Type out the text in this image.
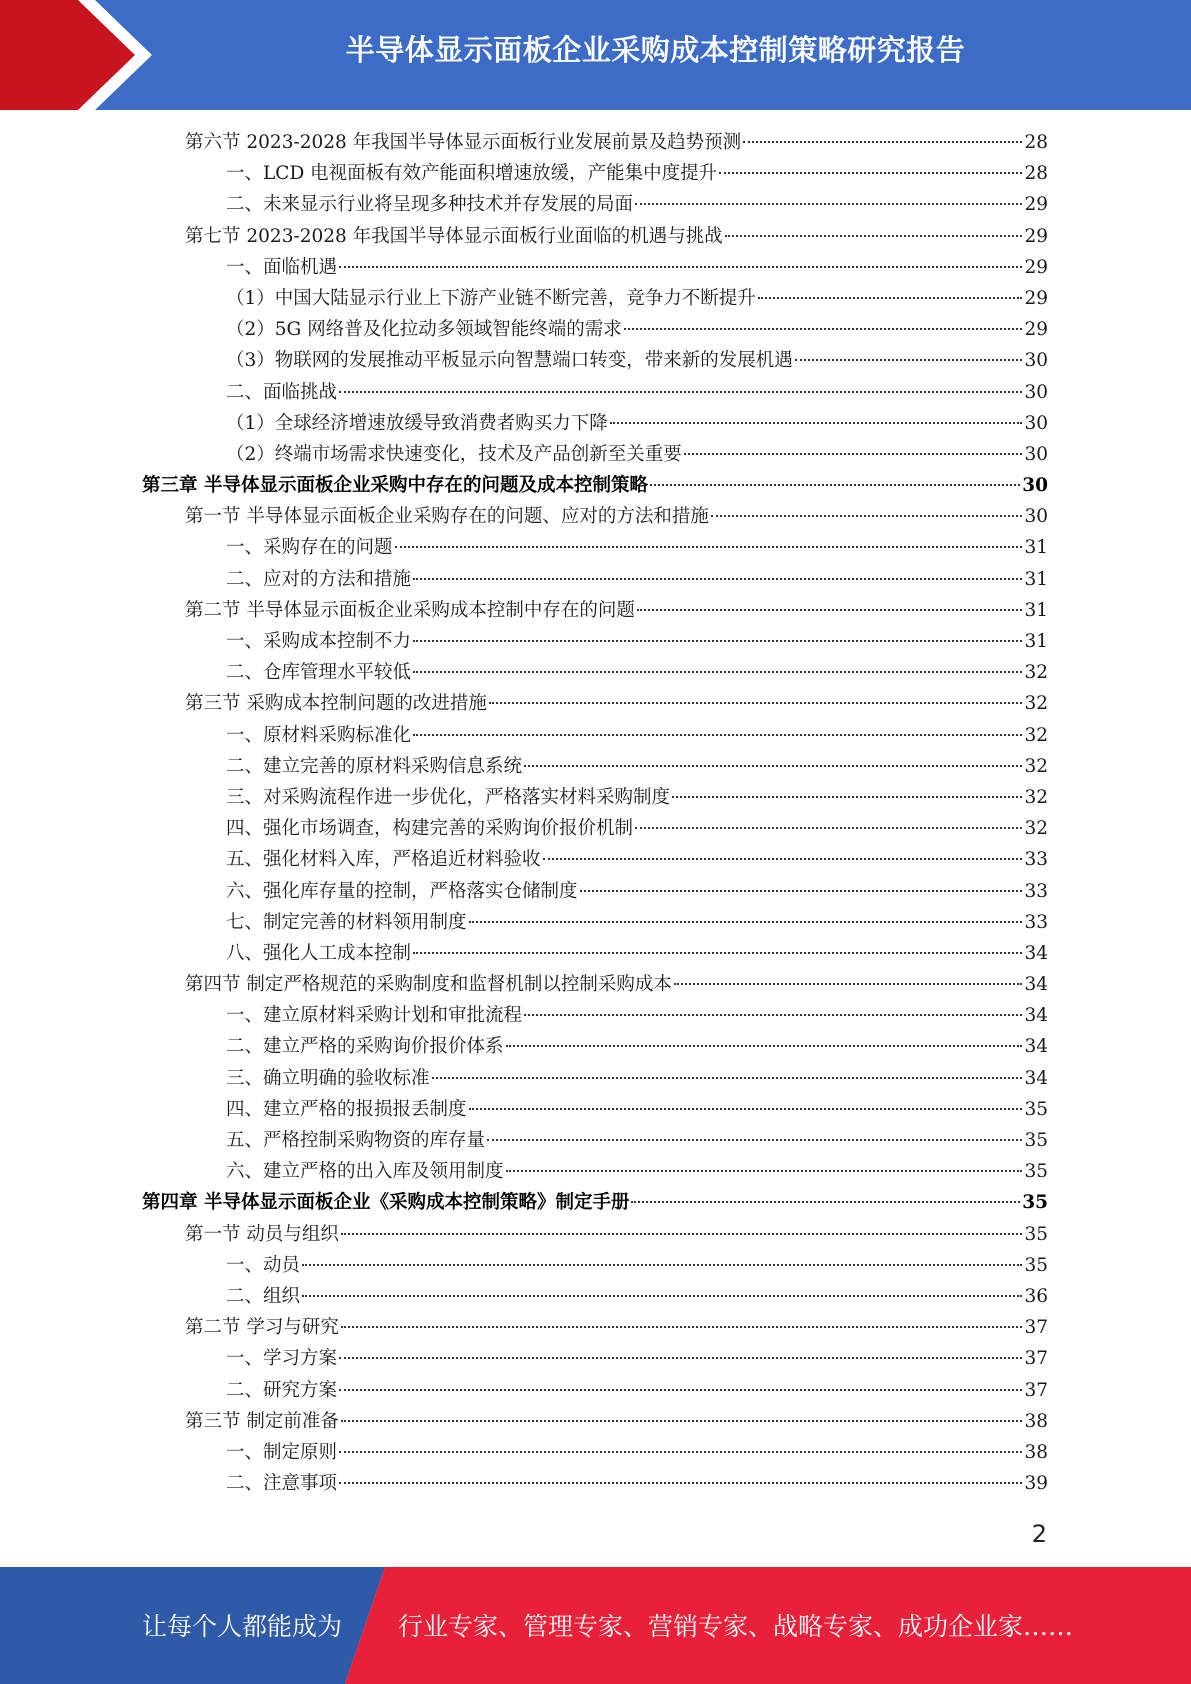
半导体显示面板企业采购成本控制策略研究报告
第六节 2023-2028 年我国半导体显示面板行业发展前景及趋势预测	28
一、LCD 电视面板有效产能面积增速放缓，产能集中度提升	28
二、未来显示行业将呈现多种技术并存发展的局面	29
第七节 2023-2028 年我国半导体显示面板行业面临的机遇与挑战	29
一、面临机遇	29
（1）中国大陆显示行业上下游产业链不断完善，竞争力不断提升	29
（2）5G 网络普及化拉动多领域智能终端的需求	29
（3）物联网的发展推动平板显示向智慧端口转变，带来新的发展机遇	30
二、面临挑战	30
（1）全球经济增速放缓导致消费者购买力下降	30
（2）终端市场需求快速变化，技术及产品创新至关重要	30
第三章 半导体显示面板企业采购中存在的问题及成本控制策略	30
第一节 半导体显示面板企业采购存在的问题、应对的方法和措施	30
一、采购存在的问题	31
二、应对的方法和措施	31
第二节 半导体显示面板企业采购成本控制中存在的问题	31
一、采购成本控制不力	31
二、仓库管理水平较低	32
第三节 采购成本控制问题的改进措施	32
一、原材料采购标准化	32
二、建立完善的原材料采购信息系统	32
三、对采购流程作进一步优化，严格落实材料采购制度	32
四、强化市场调查，构建完善的采购询价报价机制	32
五、强化材料入库，严格追近材料验收	33
六、强化库存量的控制，严格落实仓储制度	33
七、制定完善的材料领用制度	33
八、强化人工成本控制	34
第四节 制定严格规范的采购制度和监督机制以控制采购成本	34
一、建立原材料采购计划和审批流程	34
二、建立严格的采购询价报价体系	34
三、确立明确的验收标准	34
四、建立严格的报损报丢制度	35
五、严格控制采购物资的库存量	35
六、建立严格的出入库及领用制度	35
第四章 半导体显示面板企业《采购成本控制策略》制定手册	35
第一节 动员与组织	35
一、动员	35
二、组织	36
第二节 学习与研究	37
一、学习方案	37
二、研究方案	37
第三节 制定前准备	38
一、制定原则	38
二、注意事项	39
2
让每个人都能成为 行业专家、管理专家、营销专家、战略专家、成功企业家……
